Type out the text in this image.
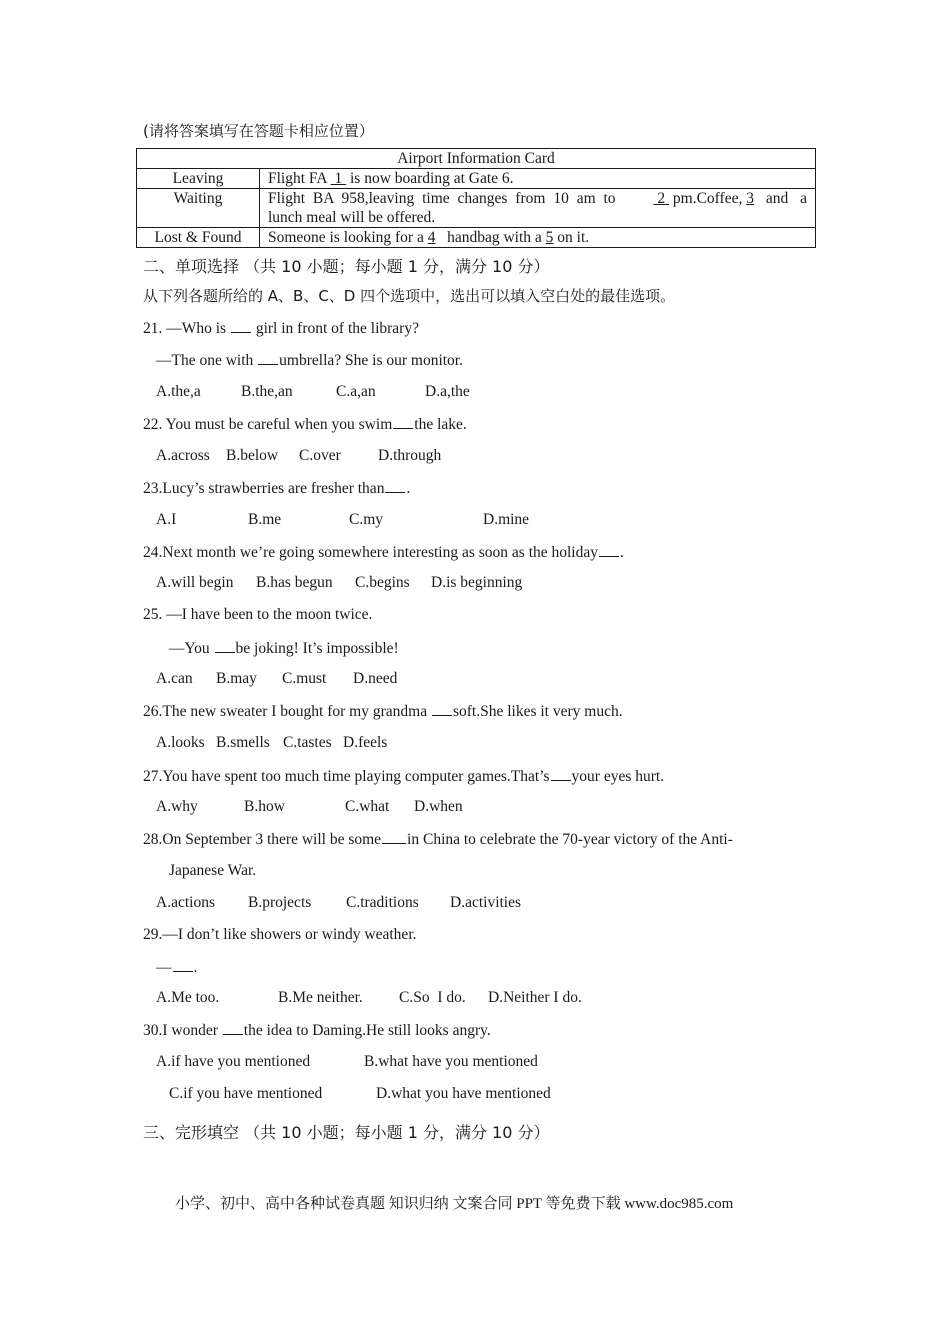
(请将答案填写在答题卡相应位置）
Airport Information Card	
Leaving	Flight FA  1  is now boarding at Gate 6.
Waiting	Flight BA 958,leaving time changes from 10 am to 2  pm.Coffee, 3 and a
lunch meal will be offered.

Lost & Found	Someone is looking for a 4   handbag with a 5 on it.
二、单项选择 （共 10 小题；每小题 1 分，满分 10 分）
从下列各题所给的 A、B、C、D 四个选项中，选出可以填入空白处的最佳选项。
21. —Who is  girl in front of the library?
—The one with umbrella? She is our monitor.
A.the,a	B.the,an	C.a,an	D.a,the
22. You must be careful when you swim the lake.
A.across B.below C.over D.through
23.Lucy’s strawberries are fresher than .
A.I	B.me	C.my	D.mine
24.Next month we’re going somewhere interesting as soon as the holiday .
A.will begin B.has begun C.begins D.is beginning
25. —I have been to the moon twice.
—You be joking! It’s impossible!
A.can B.may C.must D.need
26.The new sweater I bought for my grandma soft.She likes it very much.
A.looks B.smells C.tastes D.feels
27.You have spent too much time playing computer games.That’s your eyes hurt.
A.why	B.how	C.what D.when
28.On September 3 there will be some in China to celebrate the 70-year victory of the Anti-
Japanese War.
A.actions B.projects C.traditions D.activities
29.—I don’t like showers or windy weather.
— .
A.Me too.	B.Me neither. C.So  I do. D.Neither I do.
30.I wonder the idea to Daming.He still looks angry.
A.if have you mentioned	B.what have you mentioned
C.if you have mentioned	D.what you have mentioned
三、完形填空 （共 10 小题；每小题 1 分，满分 10 分）
小学、初中、高中各种试卷真题 知识归纳 文案合同 PPT 等免费下载 www.doc985.com
